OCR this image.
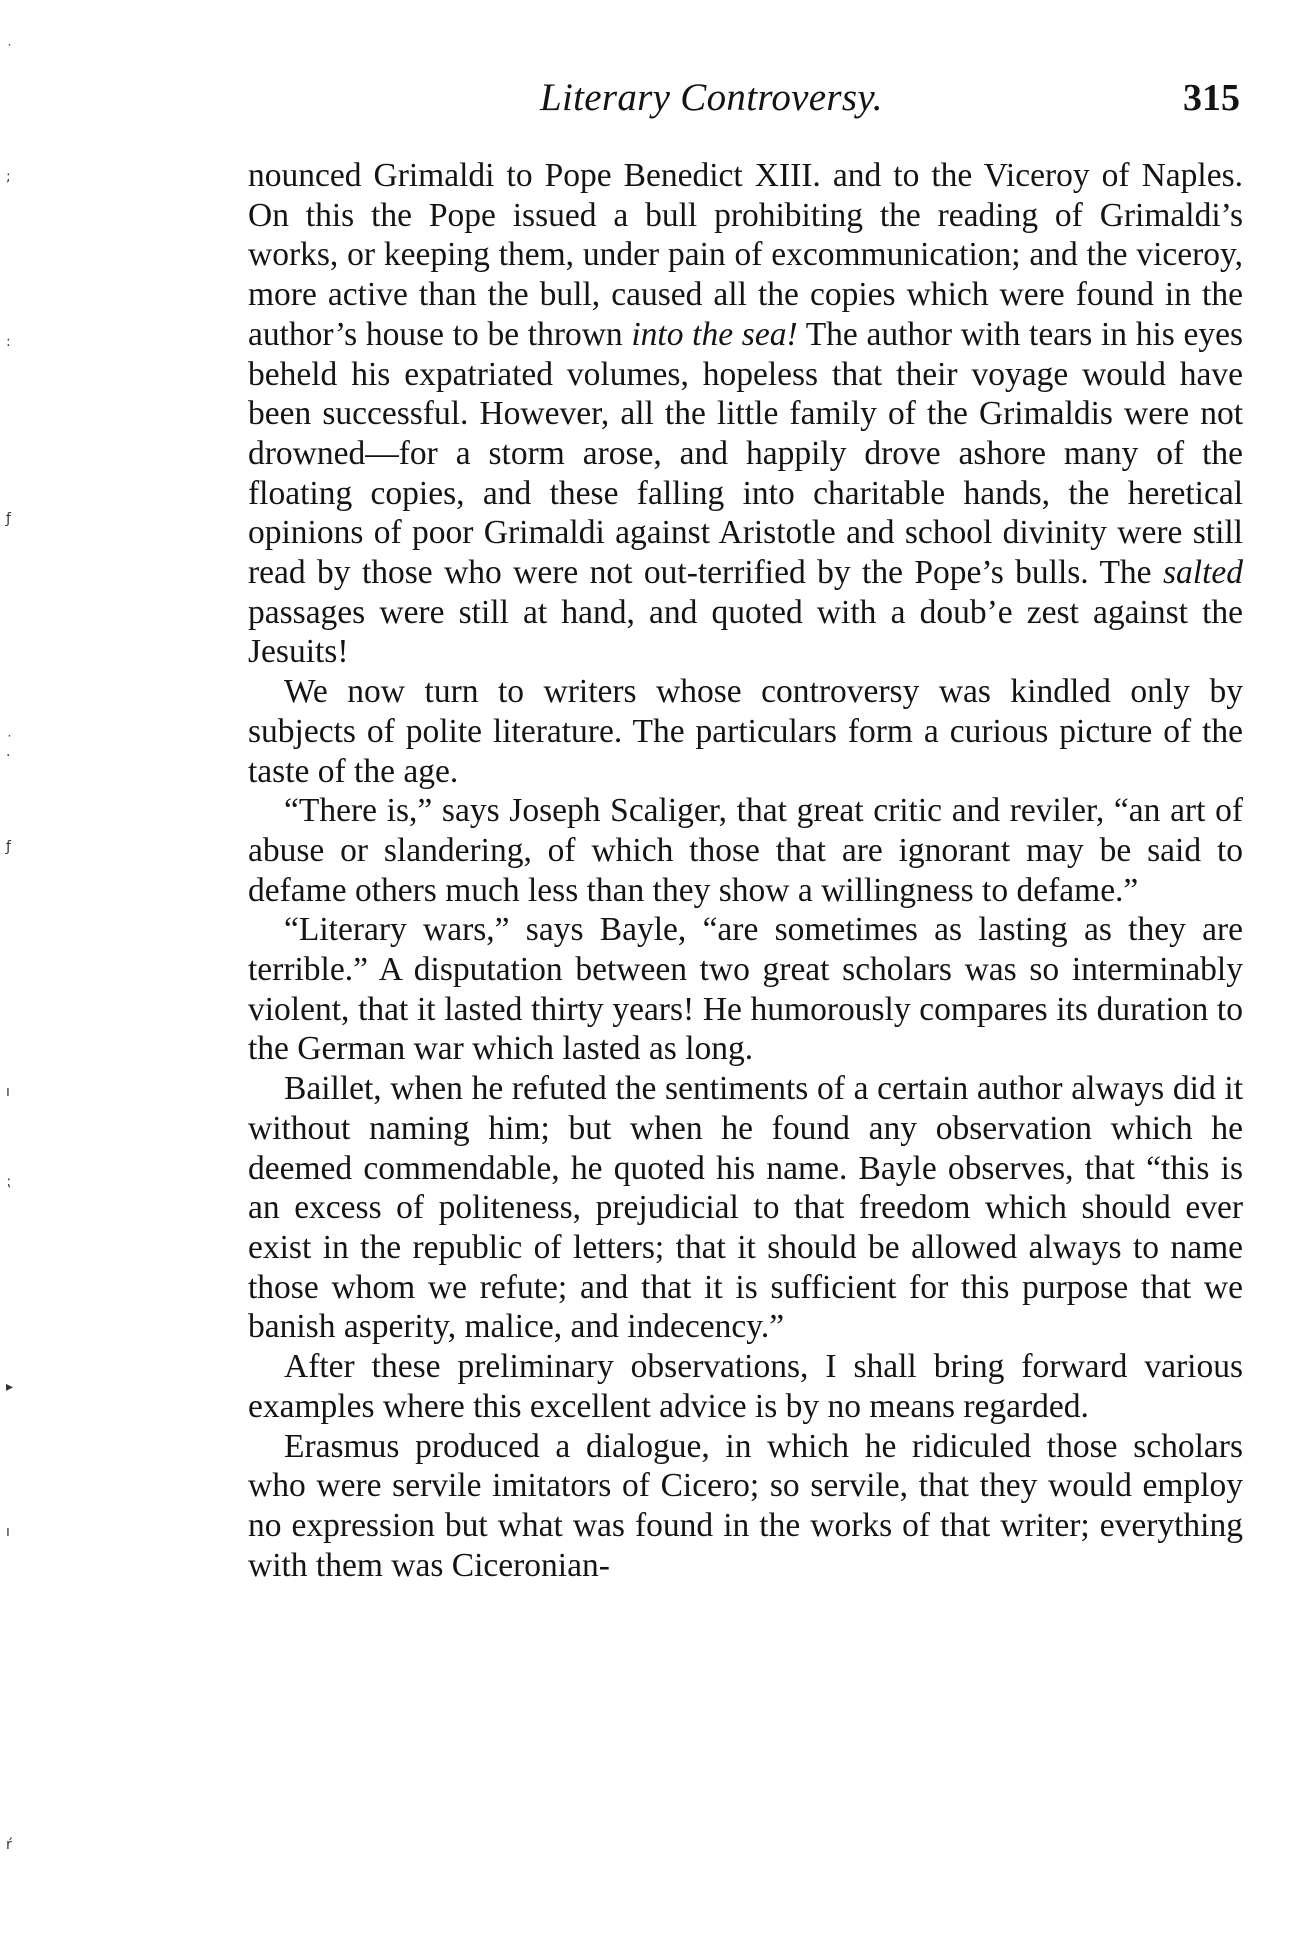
Literary Controversy.	315

nounced Grimaldi to Pope Benedict XIII. and to the Viceroy of Naples. On this the Pope issued a bull prohibiting the reading of Grimaldi’s works, or keeping them, under pain of excommunication; and the viceroy, more active than the bull, caused all the copies which were found in the author’s house to be thrown into the sea! The author with tears in his eyes beheld his expatriated volumes, hopeless that their voyage would have been successful. However, all the little family of the Grimaldis were not drowned—for a storm arose, and happily drove ashore many of the floating copies, and these falling into charitable hands, the heretical opinions of poor Grimaldi against Aristotle and school divinity were still read by those who were not out-terrified by the Pope’s bulls. The salted passages were still at hand, and quoted with a doub’e zest against the Jesuits!

We now turn to writers whose controversy was kindled only by subjects of polite literature. The particulars form a curious picture of the taste of the age.

“There is,” says Joseph Scaliger, that great critic and reviler, “an art of abuse or slandering, of which those that are ignorant may be said to defame others much less than they show a willingness to defame.”

“Literary wars,” says Bayle, “are sometimes as lasting as they are terrible.” A disputation between two great scholars was so interminably violent, that it lasted thirty years! He humorously compares its duration to the German war which lasted as long.

Baillet, when he refuted the sentiments of a certain author always did it without naming him; but when he found any observation which he deemed commendable, he quoted his name. Bayle observes, that “this is an excess of politeness, prejudicial to that freedom which should ever exist in the republic of letters; that it should be allowed always to name those whom we refute; and that it is sufficient for this purpose that we banish asperity, malice, and indecency.”

After these preliminary observations, I shall bring forward various examples where this excellent advice is by no means regarded.

Erasmus produced a dialogue, in which he ridiculed those scholars who were servile imitators of Cicero; so servile, that they would employ no expression but what was found in the works of that writer; everything with them was Ciceronian-

˙
;
:
ƒ
˙ ·
ƒ
ı
⁏
▸
ı
ŕ
